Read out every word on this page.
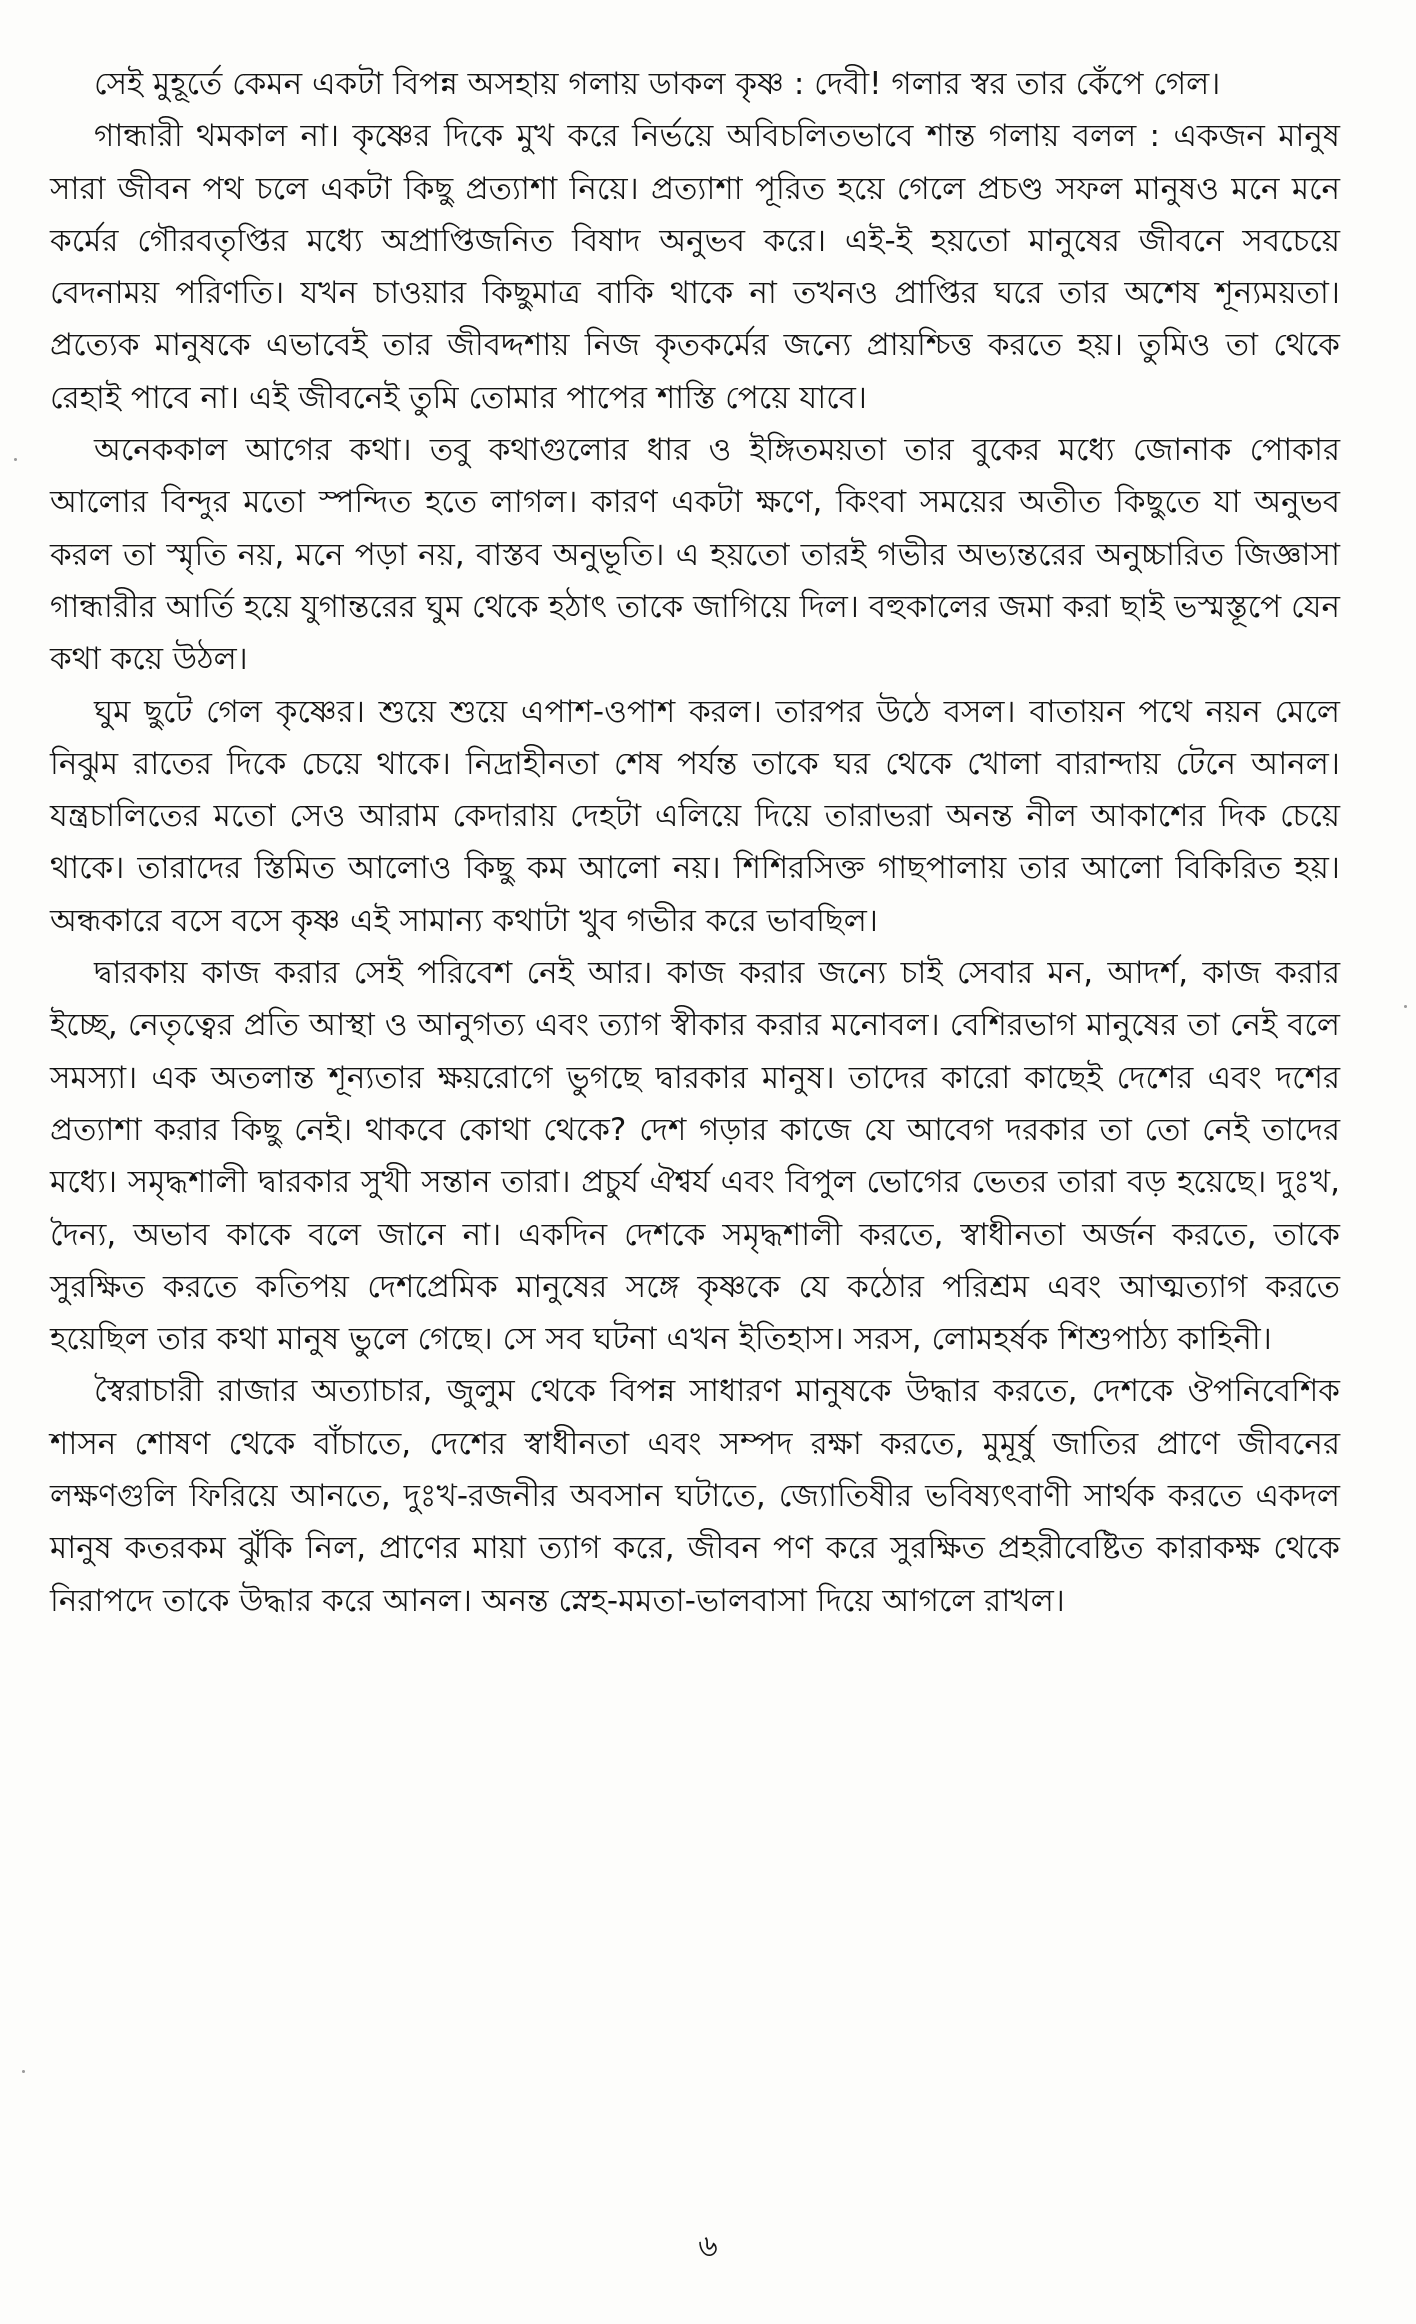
সেই মুহূর্তে কেমন একটা বিপন্ন অসহায় গলায় ডাকল কৃষ্ণ : দেবী! গলার স্বর তার কেঁপে গেল।

গান্ধারী থমকাল না। কৃষ্ণের দিকে মুখ করে নির্ভয়ে অবিচলিতভাবে শান্ত গলায় বলল : একজন মানুষ সারা জীবন পথ চলে একটা কিছু প্রত্যাশা নিয়ে। প্রত্যাশা পূরিত হয়ে গেলে প্রচণ্ড সফল মানুষও মনে মনে কর্মের গৌরবতৃপ্তির মধ্যে অপ্রাপ্তিজনিত বিষাদ অনুভব করে। এই-ই হয়তো মানুষের জীবনে সবচেয়ে বেদনাময় পরিণতি। যখন চাওয়ার কিছুমাত্র বাকি থাকে না তখনও প্রাপ্তির ঘরে তার অশেষ শূন্যময়তা। প্রত্যেক মানুষকে এভাবেই তার জীবদ্দশায় নিজ কৃতকর্মের জন্যে প্রায়শ্চিত্ত করতে হয়। তুমিও তা থেকে রেহাই পাবে না। এই জীবনেই তুমি তোমার পাপের শাস্তি পেয়ে যাবে।

অনেককাল আগের কথা। তবু কথাগুলোর ধার ও ইঙ্গিতময়তা তার বুকের মধ্যে জোনাক পোকার আলোর বিন্দুর মতো স্পন্দিত হতে লাগল। কারণ একটা ক্ষণে, কিংবা সময়ের অতীত কিছুতে যা অনুভব করল তা স্মৃতি নয়, মনে পড়া নয়, বাস্তব অনুভূতি। এ হয়তো তারই গভীর অভ্যন্তরের অনুচ্চারিত জিজ্ঞাসা গান্ধারীর আর্তি হয়ে যুগান্তরের ঘুম থেকে হঠাৎ তাকে জাগিয়ে দিল। বহুকালের জমা করা ছাই ভস্মস্তূপে যেন কথা কয়ে উঠল।

ঘুম ছুটে গেল কৃষ্ণের। শুয়ে শুয়ে এপাশ-ওপাশ করল। তারপর উঠে বসল। বাতায়ন পথে নয়ন মেলে নিঝুম রাতের দিকে চেয়ে থাকে। নিদ্রাহীনতা শেষ পর্যন্ত তাকে ঘর থেকে খোলা বারান্দায় টেনে আনল। যন্ত্রচালিতের মতো সেও আরাম কেদারায় দেহটা এলিয়ে দিয়ে তারাভরা অনন্ত নীল আকাশের দিক চেয়ে থাকে। তারাদের স্তিমিত আলোও কিছু কম আলো নয়। শিশিরসিক্ত গাছপালায় তার আলো বিকিরিত হয়। অন্ধকারে বসে বসে কৃষ্ণ এই সামান্য কথাটা খুব গভীর করে ভাবছিল।

দ্বারকায় কাজ করার সেই পরিবেশ নেই আর। কাজ করার জন্যে চাই সেবার মন, আদর্শ, কাজ করার ইচ্ছে, নেতৃত্বের প্রতি আস্থা ও আনুগত্য এবং ত্যাগ স্বীকার করার মনোবল। বেশিরভাগ মানুষের তা নেই বলে সমস্যা। এক অতলান্ত শূন্যতার ক্ষয়রোগে ভুগছে দ্বারকার মানুষ। তাদের কারো কাছেই দেশের এবং দশের প্রত্যাশা করার কিছু নেই। থাকবে কোথা থেকে? দেশ গড়ার কাজে যে আবেগ দরকার তা তো নেই তাদের মধ্যে। সমৃদ্ধশালী দ্বারকার সুখী সন্তান তারা। প্রচুর্য ঐশ্বর্য এবং বিপুল ভোগের ভেতর তারা বড় হয়েছে। দুঃখ, দৈন্য, অভাব কাকে বলে জানে না। একদিন দেশকে সমৃদ্ধশালী করতে, স্বাধীনতা অর্জন করতে, তাকে সুরক্ষিত করতে কতিপয় দেশপ্রেমিক মানুষের সঙ্গে কৃষ্ণকে যে কঠোর পরিশ্রম এবং আত্মত্যাগ করতে হয়েছিল তার কথা মানুষ ভুলে গেছে। সে সব ঘটনা এখন ইতিহাস। সরস, লোমহর্ষক শিশুপাঠ্য কাহিনী।

স্বৈরাচারী রাজার অত্যাচার, জুলুম থেকে বিপন্ন সাধারণ মানুষকে উদ্ধার করতে, দেশকে ঔপনিবেশিক শাসন শোষণ থেকে বাঁচাতে, দেশের স্বাধীনতা এবং সম্পদ রক্ষা করতে, মুমূর্ষু জাতির প্রাণে জীবনের লক্ষণগুলি ফিরিয়ে আনতে, দুঃখ-রজনীর অবসান ঘটাতে, জ্যোতিষীর ভবিষ্যৎবাণী সার্থক করতে একদল মানুষ কতরকম ঝুঁকি নিল, প্রাণের মায়া ত্যাগ করে, জীবন পণ করে সুরক্ষিত প্রহরীবেষ্টিত কারাকক্ষ থেকে নিরাপদে তাকে উদ্ধার করে আনল। অনন্ত স্নেহ-মমতা-ভালবাসা দিয়ে আগলে রাখল।

৬
